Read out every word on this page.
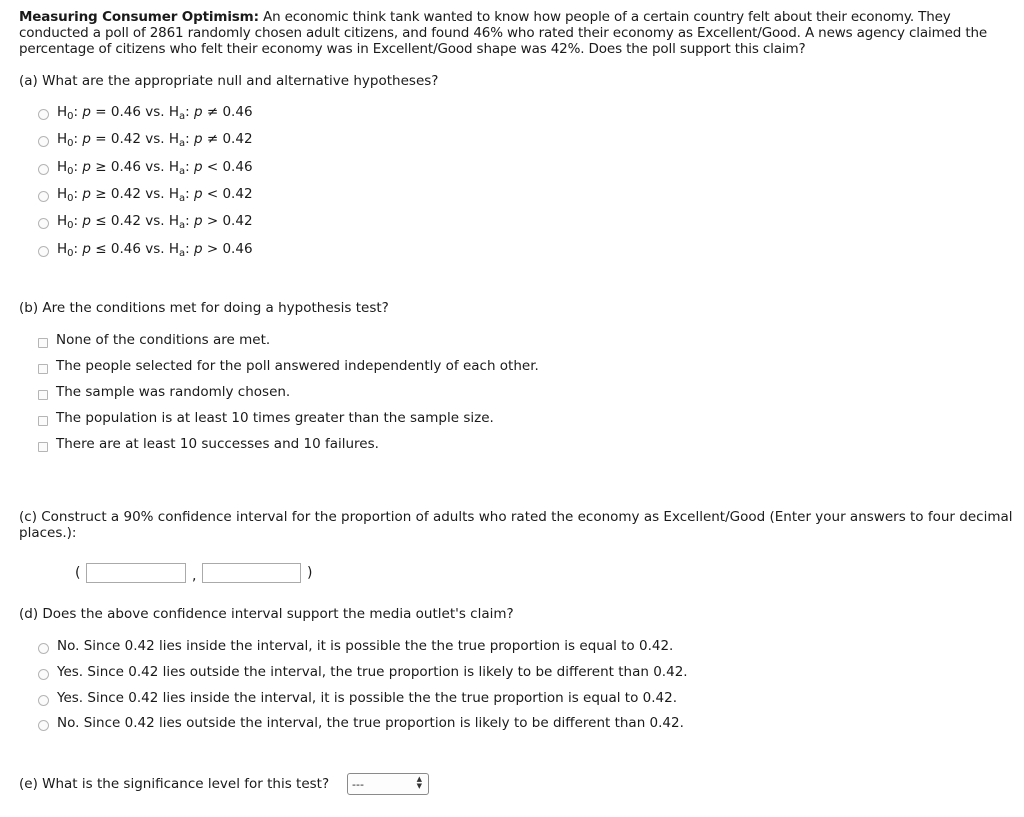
Measuring Consumer Optimism: An economic think tank wanted to know how people of a certain country felt about their economy. They conducted a poll of 2861 randomly chosen adult citizens, and found 46% who rated their economy as Excellent/Good. A news agency claimed the percentage of citizens who felt their economy was in Excellent/Good shape was 42%. Does the poll support this claim?
(a) What are the appropriate null and alternative hypotheses?
$H_0$: p = 0.46 vs. $H_a$: p ≠ 0.46
$H_0$: p = 0.42 vs. $H_a$: p ≠ 0.42
$H_0$: p ≥ 0.46 vs. $H_a$: p < 0.46
$H_0$: p ≥ 0.42 vs. $H_a$: p < 0.42
$H_0$: p ≤ 0.42 vs. $H_a$: p > 0.42
$H_0$: p ≤ 0.46 vs. $H_a$: p > 0.46
(b) Are the conditions met for doing a hypothesis test?
None of the conditions are met.
The people selected for the poll answered independently of each other.
The sample was randomly chosen.
The population is at least 10 times greater than the sample size.
There are at least 10 successes and 10 failures.
(c) Construct a 90% confidence interval for the proportion of adults who rated the economy as Excellent/Good (Enter your answers to four decimal places.):
(	,	)
(d) Does the above confidence interval support the media outlet's claim?
No. Since 0.42 lies inside the interval, it is possible the the true proportion is equal to 0.42.
Yes. Since 0.42 lies outside the interval, the true proportion is likely to be different than 0.42.
Yes. Since 0.42 lies inside the interval, it is possible the the true proportion is equal to 0.42.
No. Since 0.42 lies outside the interval, the true proportion is likely to be different than 0.42.
(e) What is the significance level for this test? ---	▲
▼
